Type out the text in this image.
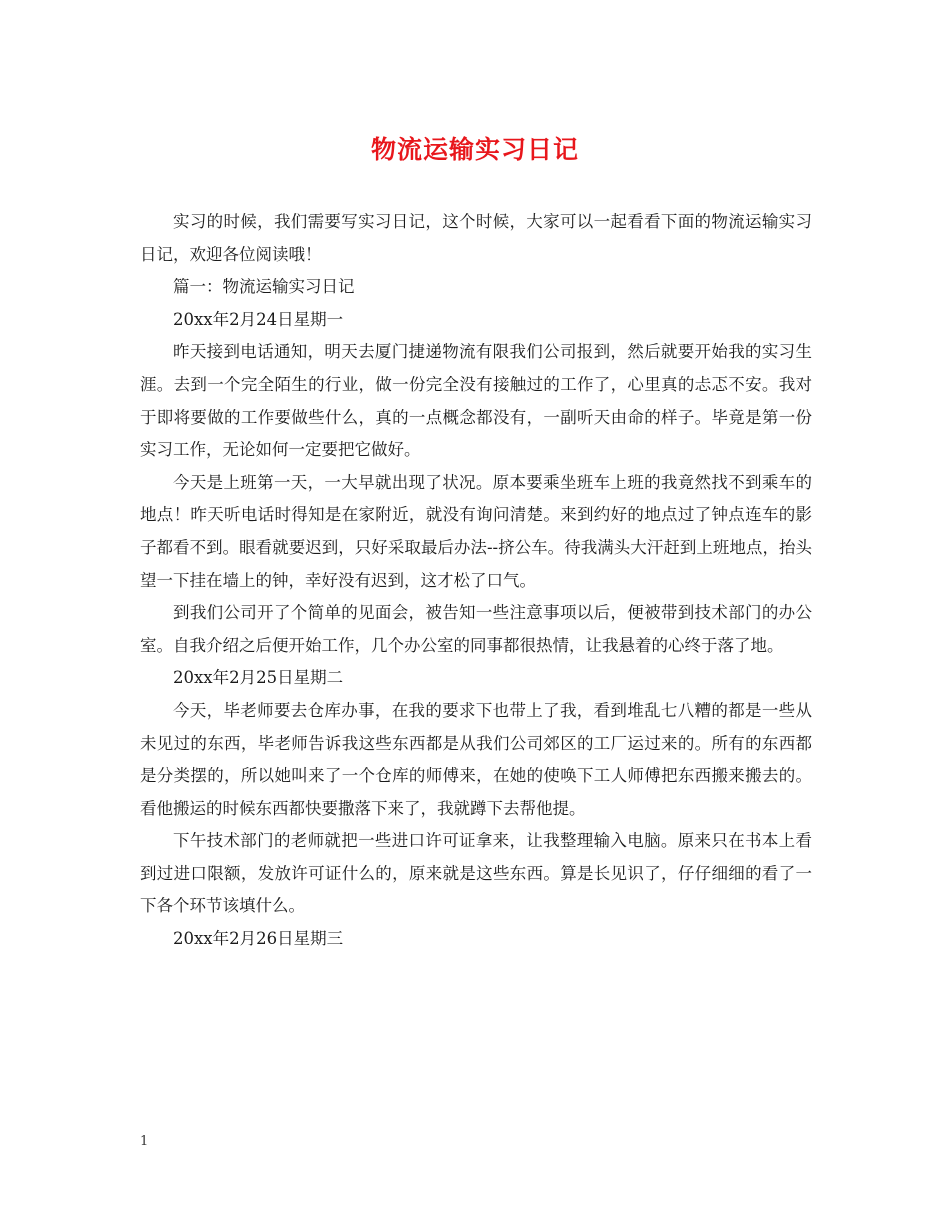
物流运输实习日记

实习的时候，我们需要写实习日记，这个时候，大家可以一起看看下面的物流运输实习日记，欢迎各位阅读哦！

篇一：物流运输实习日记

20xx年2月24日星期一

昨天接到电话通知，明天去厦门捷递物流有限我们公司报到，然后就要开始我的实习生涯。去到一个完全陌生的行业，做一份完全没有接触过的工作了，心里真的忐忑不安。我对于即将要做的工作要做些什么，真的一点概念都没有，一副听天由命的样子。毕竟是第一份实习工作，无论如何一定要把它做好。

今天是上班第一天，一大早就出现了状况。原本要乘坐班车上班的我竟然找不到乘车的地点！昨天听电话时得知是在家附近，就没有询问清楚。来到约好的地点过了钟点连车的影子都看不到。眼看就要迟到，只好采取最后办法--挤公车。待我满头大汗赶到上班地点，抬头望一下挂在墙上的钟，幸好没有迟到，这才松了口气。

到我们公司开了个简单的见面会，被告知一些注意事项以后，便被带到技术部门的办公室。自我介绍之后便开始工作，几个办公室的同事都很热情，让我悬着的心终于落了地。

20xx年2月25日星期二

今天，毕老师要去仓库办事，在我的要求下也带上了我，看到堆乱七八糟的都是一些从未见过的东西，毕老师告诉我这些东西都是从我们公司郊区的工厂运过来的。所有的东西都是分类摆的，所以她叫来了一个仓库的师傅来，在她的使唤下工人师傅把东西搬来搬去的。看他搬运的时候东西都快要撒落下来了，我就蹲下去帮他提。

下午技术部门的老师就把一些进口许可证拿来，让我整理输入电脑。原来只在书本上看到过进口限额，发放许可证什么的，原来就是这些东西。算是长见识了，仔仔细细的看了一下各个环节该填什么。

20xx年2月26日星期三

1
